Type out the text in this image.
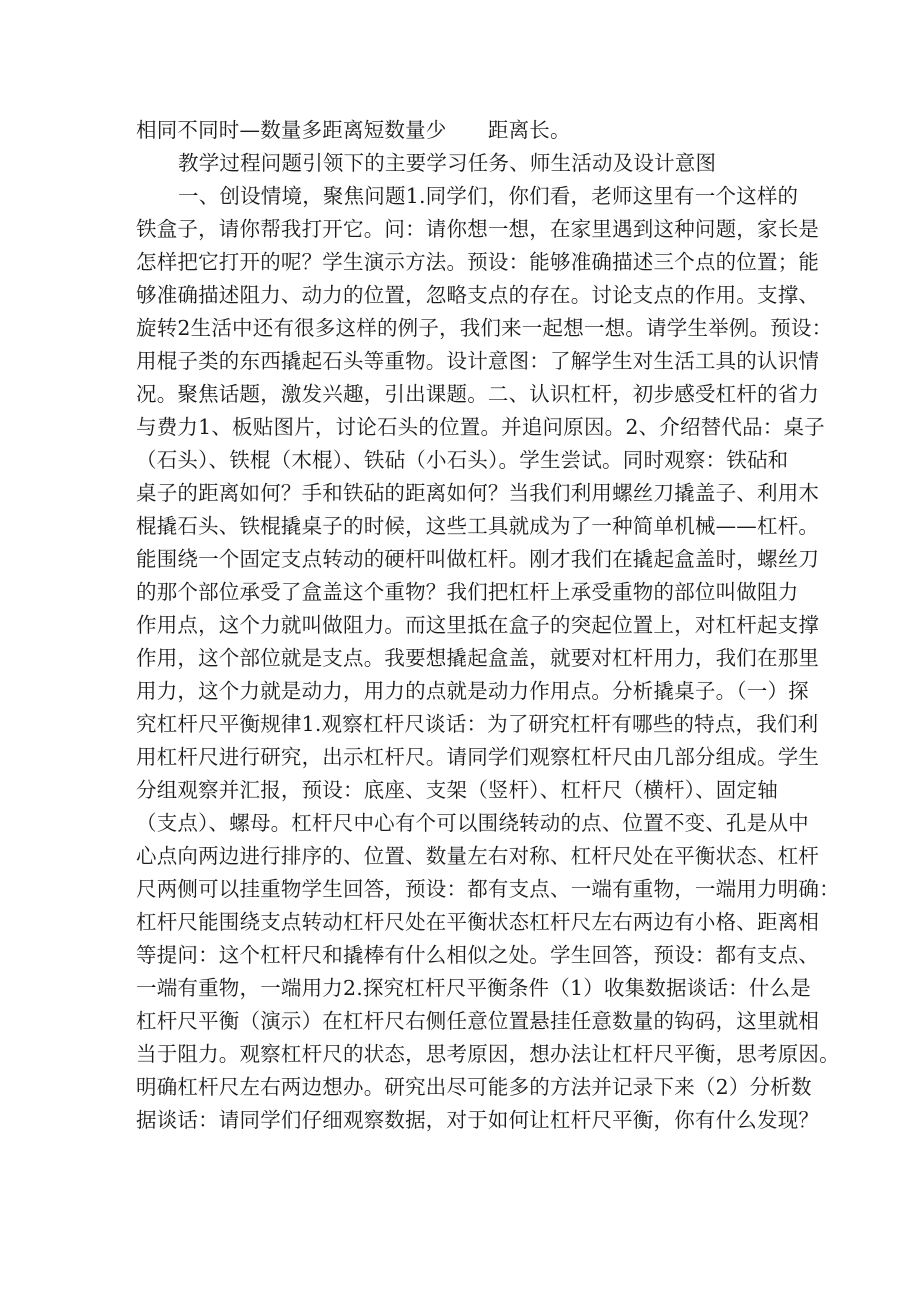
相同不同时—数量多距离短数量少　　距离长。
教学过程问题引领下的主要学习任务、师生活动及设计意图
一、创设情境，聚焦问题1.同学们，你们看，老师这里有一个这样的
铁盒子，请你帮我打开它。问：请你想一想，在家里遇到这种问题，家长是
怎样把它打开的呢？学生演示方法。预设：能够准确描述三个点的位置；能
够准确描述阻力、动力的位置，忽略支点的存在。讨论支点的作用。支撑、
旋转2生活中还有很多这样的例子，我们来一起想一想。请学生举例。预设：
用棍子类的东西撬起石头等重物。设计意图：了解学生对生活工具的认识情
况。聚焦话题，激发兴趣，引出课题。二、认识杠杆，初步感受杠杆的省力
与费力1、板贴图片，讨论石头的位置。并追问原因。2、介绍替代品：桌子
（石头）、铁棍（木棍）、铁砧（小石头）。学生尝试。同时观察：铁砧和
桌子的距离如何？手和铁砧的距离如何？当我们利用螺丝刀撬盖子、利用木
棍撬石头、铁棍撬桌子的时候，这些工具就成为了一种简单机械——杠杆。
能围绕一个固定支点转动的硬杆叫做杠杆。刚才我们在撬起盒盖时，螺丝刀
的那个部位承受了盒盖这个重物？我们把杠杆上承受重物的部位叫做阻力
作用点，这个力就叫做阻力。而这里抵在盒子的突起位置上，对杠杆起支撑
作用，这个部位就是支点。我要想撬起盒盖，就要对杠杆用力，我们在那里
用力，这个力就是动力，用力的点就是动力作用点。分析撬桌子。（一）探
究杠杆尺平衡规律1.观察杠杆尺谈话：为了研究杠杆有哪些的特点，我们利
用杠杆尺进行研究，出示杠杆尺。请同学们观察杠杆尺由几部分组成。学生
分组观察并汇报，预设：底座、支架（竖杆）、杠杆尺（横杆）、固定轴
（支点）、螺母。杠杆尺中心有个可以围绕转动的点、位置不变、孔是从中
心点向两边进行排序的、位置、数量左右对称、杠杆尺处在平衡状态、杠杆
尺两侧可以挂重物学生回答，预设：都有支点、一端有重物，一端用力明确：
杠杆尺能围绕支点转动杠杆尺处在平衡状态杠杆尺左右两边有小格、距离相
等提问：这个杠杆尺和撬棒有什么相似之处。学生回答，预设：都有支点、
一端有重物，一端用力2.探究杠杆尺平衡条件（1）收集数据谈话：什么是
杠杆尺平衡（演示）在杠杆尺右侧任意位置悬挂任意数量的钩码，这里就相
当于阻力。观察杠杆尺的状态，思考原因，想办法让杠杆尺平衡，思考原因。
明确杠杆尺左右两边想办。研究出尽可能多的方法并记录下来（2）分析数
据谈话：请同学们仔细观察数据，对于如何让杠杆尺平衡，你有什么发现？
